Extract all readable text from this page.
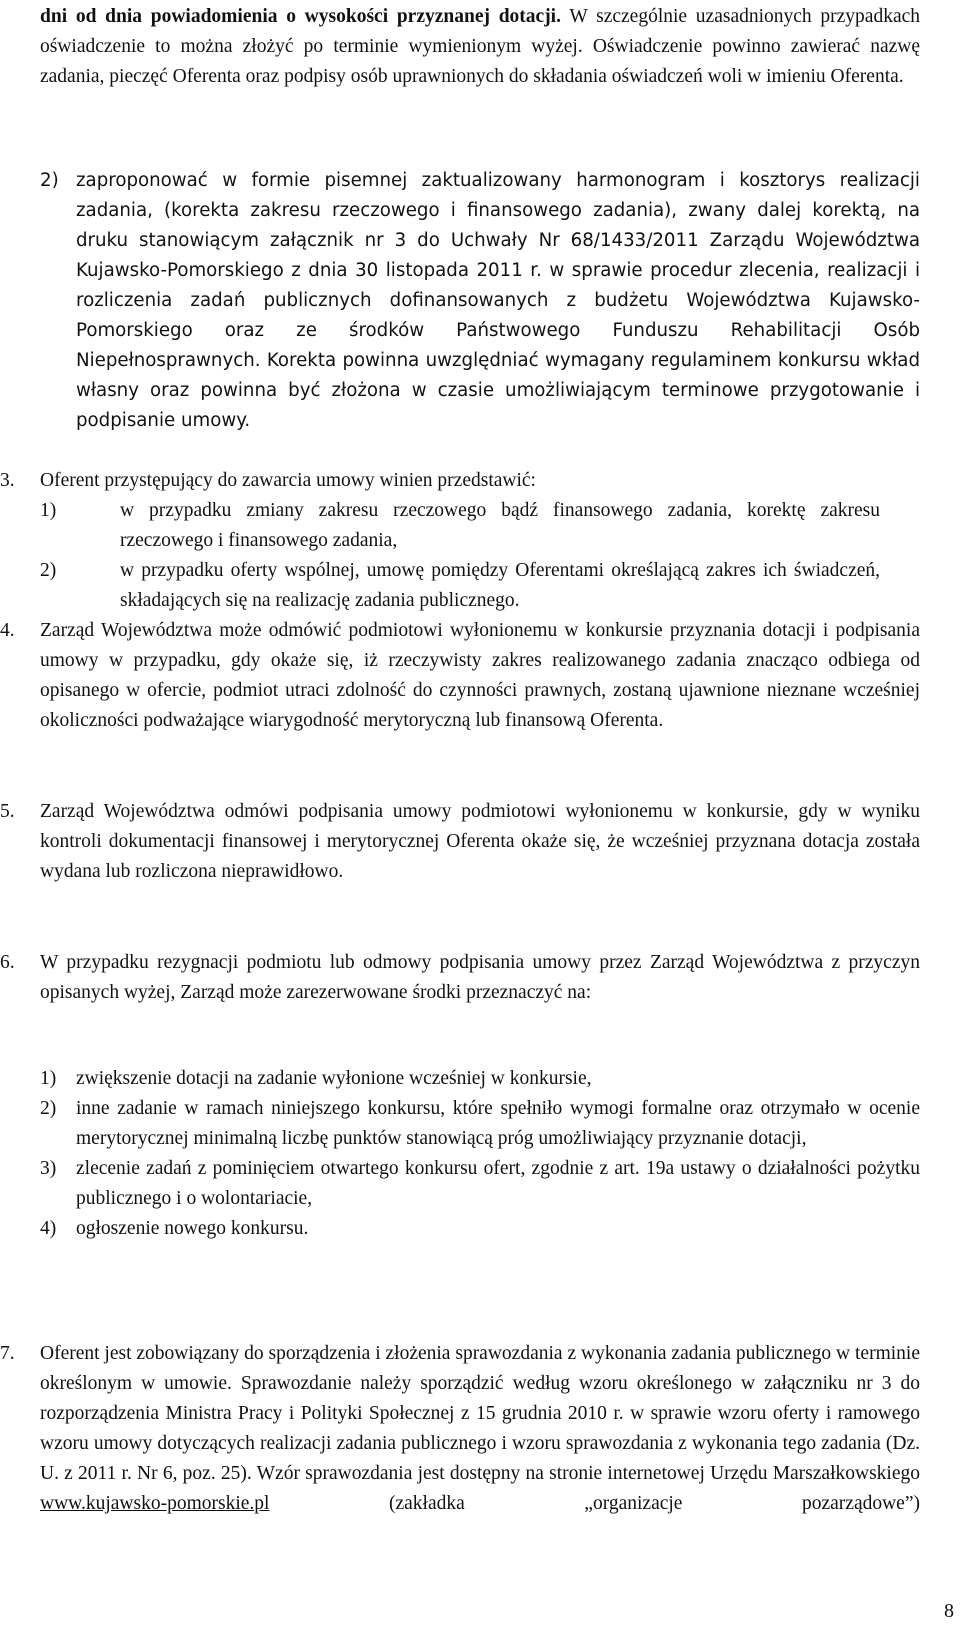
dni od dnia powiadomienia o wysokości przyznanej dotacji. W szczególnie uzasadnionych przypadkach oświadczenie to można złożyć po terminie wymienionym wyżej. Oświadczenie powinno zawierać nazwę zadania, pieczęć Oferenta oraz podpisy osób uprawnionych do składania oświadczeń woli w imieniu Oferenta.

2) zaproponować w formie pisemnej zaktualizowany harmonogram i kosztorys realizacji zadania, (korekta zakresu rzeczowego i finansowego zadania), zwany dalej korektą, na druku stanowiącym załącznik nr 3 do Uchwały Nr 68/1433/2011 Zarządu Województwa Kujawsko-Pomorskiego z dnia 30 listopada 2011 r. w sprawie procedur zlecenia, realizacji i rozliczenia zadań publicznych dofinansowanych z budżetu Województwa Kujawsko-Pomorskiego oraz ze środków Państwowego Funduszu Rehabilitacji Osób Niepełnosprawnych. Korekta powinna uwzględniać wymagany regulaminem konkursu wkład własny oraz powinna być złożona w czasie umożliwiającym terminowe przygotowanie i podpisanie umowy.
3. Oferent przystępujący do zawarcia umowy winien przedstawić:
1)	w przypadku zmiany zakresu rzeczowego bądź finansowego zadania, korektę zakresu rzeczowego i finansowego zadania,
2)	w przypadku oferty wspólnej, umowę pomiędzy Oferentami określającą zakres ich świadczeń, składających się na realizację zadania publicznego.
4. Zarząd Województwa może odmówić podmiotowi wyłonionemu w konkursie przyznania dotacji i podpisania umowy w przypadku, gdy okaże się, iż rzeczywisty zakres realizowanego zadania znacząco odbiega od opisanego w ofercie, podmiot utraci zdolność do czynności prawnych, zostaną ujawnione nieznane wcześniej okoliczności podważające wiarygodność merytoryczną lub finansową Oferenta.
5. Zarząd Województwa odmówi podpisania umowy podmiotowi wyłonionemu w konkursie, gdy w wyniku kontroli dokumentacji finansowej i merytorycznej Oferenta okaże się, że wcześniej przyznana dotacja została wydana lub rozliczona nieprawidłowo.
6. W przypadku rezygnacji podmiotu lub odmowy podpisania umowy przez Zarząd Województwa z przyczyn opisanych wyżej, Zarząd może zarezerwowane środki przeznaczyć na:
1) zwiększenie dotacji na zadanie wyłonione wcześniej w konkursie,
2) inne zadanie w ramach niniejszego konkursu, które spełniło wymogi formalne oraz otrzymało w ocenie merytorycznej minimalną liczbę punktów stanowiącą próg umożliwiający przyznanie dotacji,
3) zlecenie zadań z pominięciem otwartego konkursu ofert, zgodnie z art. 19a ustawy o działalności pożytku publicznego i o wolontariacie,
4) ogłoszenie nowego konkursu.
7. Oferent jest zobowiązany do sporządzenia i złożenia sprawozdania z wykonania zadania publicznego w terminie określonym w umowie. Sprawozdanie należy sporządzić według wzoru określonego w załączniku nr 3 do rozporządzenia Ministra Pracy i Polityki Społecznej z 15 grudnia 2010 r. w sprawie wzoru oferty i ramowego wzoru umowy dotyczących realizacji zadania publicznego i wzoru sprawozdania z wykonania tego zadania (Dz. U. z 2011 r. Nr 6, poz. 25). Wzór sprawozdania jest dostępny na stronie internetowej Urzędu Marszałkowskiego www.kujawsko-pomorskie.pl (zakładka „organizacje pozarządowe”)

8
